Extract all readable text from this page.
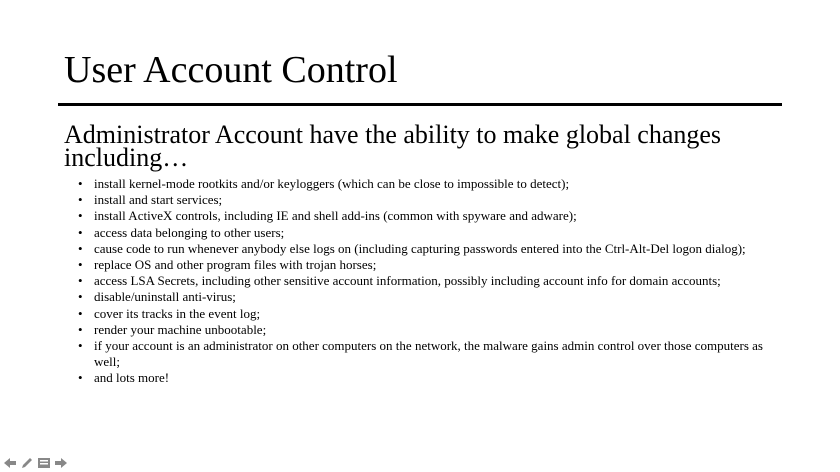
User Account Control

Administrator Account have the ability to make global changes including…

• install kernel-mode rootkits and/or keyloggers (which can be close to impossible to detect);
• install and start services;
• install ActiveX controls, including IE and shell add-ins (common with spyware and adware);
• access data belonging to other users;
• cause code to run whenever anybody else logs on (including capturing passwords entered into the Ctrl-Alt-Del logon dialog);
• replace OS and other program files with trojan horses;
• access LSA Secrets, including other sensitive account information, possibly including account info for domain accounts;
• disable/uninstall anti-virus;
• cover its tracks in the event log;
• render your machine unbootable;
• if your account is an administrator on other computers on the network, the malware gains admin control over those computers as well;
• and lots more!
